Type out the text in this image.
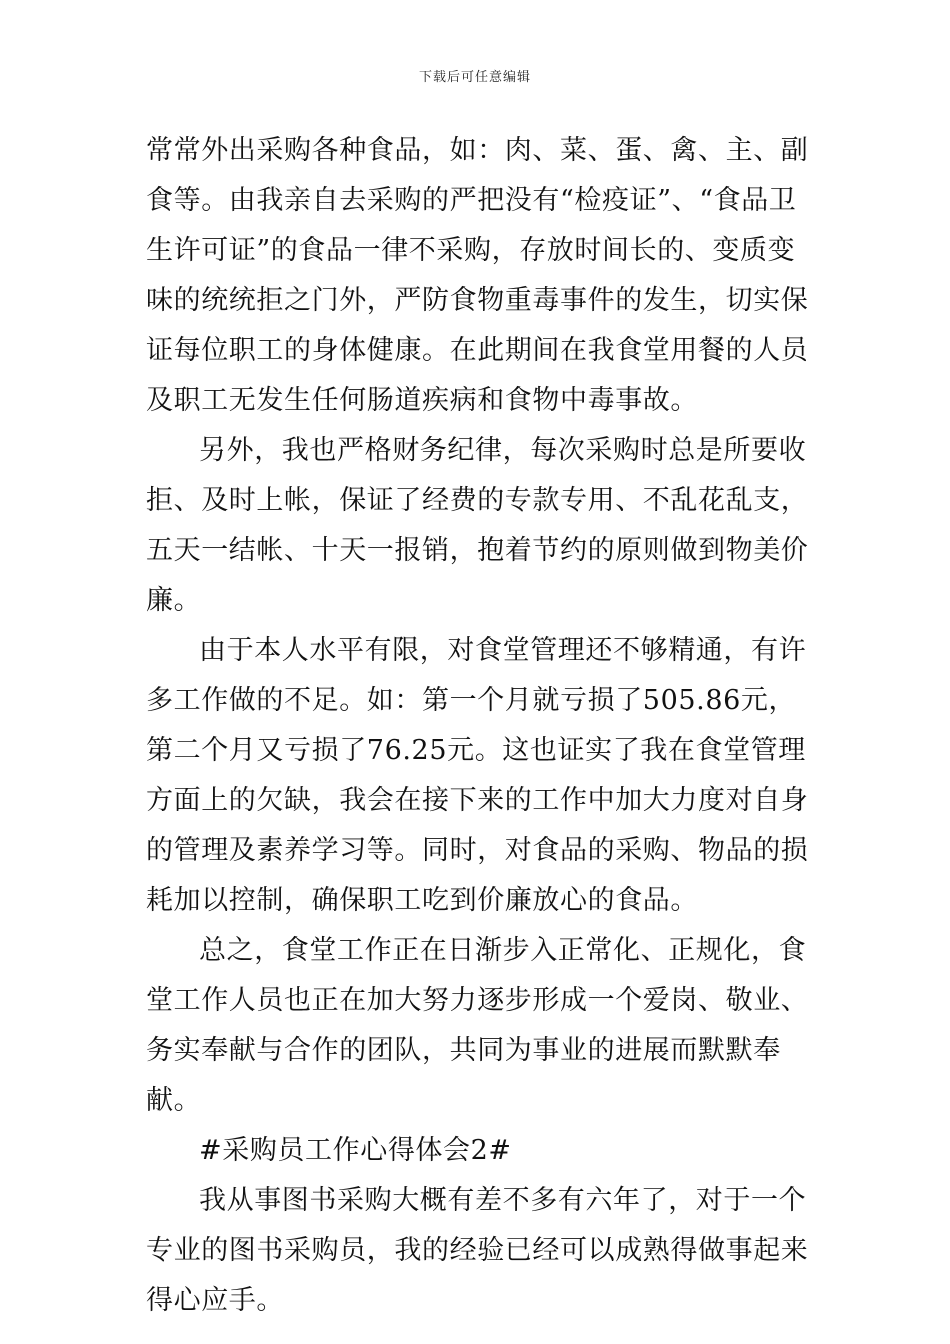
下载后可任意编辑

常常外出采购各种食品，如：肉、菜、蛋、禽、主、副食等。由我亲自去采购的严把没有“检疫证”、“食品卫生许可证”的食品一律不采购，存放时间长的、变质变味的统统拒之门外，严防食物重毒事件的发生，切实保证每位职工的身体健康。在此期间在我食堂用餐的人员及职工无发生任何肠道疾病和食物中毒事故。

另外，我也严格财务纪律，每次采购时总是所要收拒、及时上帐，保证了经费的专款专用、不乱花乱支，五天一结帐、十天一报销，抱着节约的原则做到物美价廉。

由于本人水平有限，对食堂管理还不够精通，有许多工作做的不足。如：第一个月就亏损了505.86元，第二个月又亏损了76.25元。这也证实了我在食堂管理方面上的欠缺，我会在接下来的工作中加大力度对自身的管理及素养学习等。同时，对食品的采购、物品的损耗加以控制，确保职工吃到价廉放心的食品。

总之，食堂工作正在日渐步入正常化、正规化，食堂工作人员也正在加大努力逐步形成一个爱岗、敬业、务实奉献与合作的团队，共同为事业的进展而默默奉献。

#采购员工作心得体会2#

我从事图书采购大概有差不多有六年了，对于一个专业的图书采购员，我的经验已经可以成熟得做事起来得心应手。
